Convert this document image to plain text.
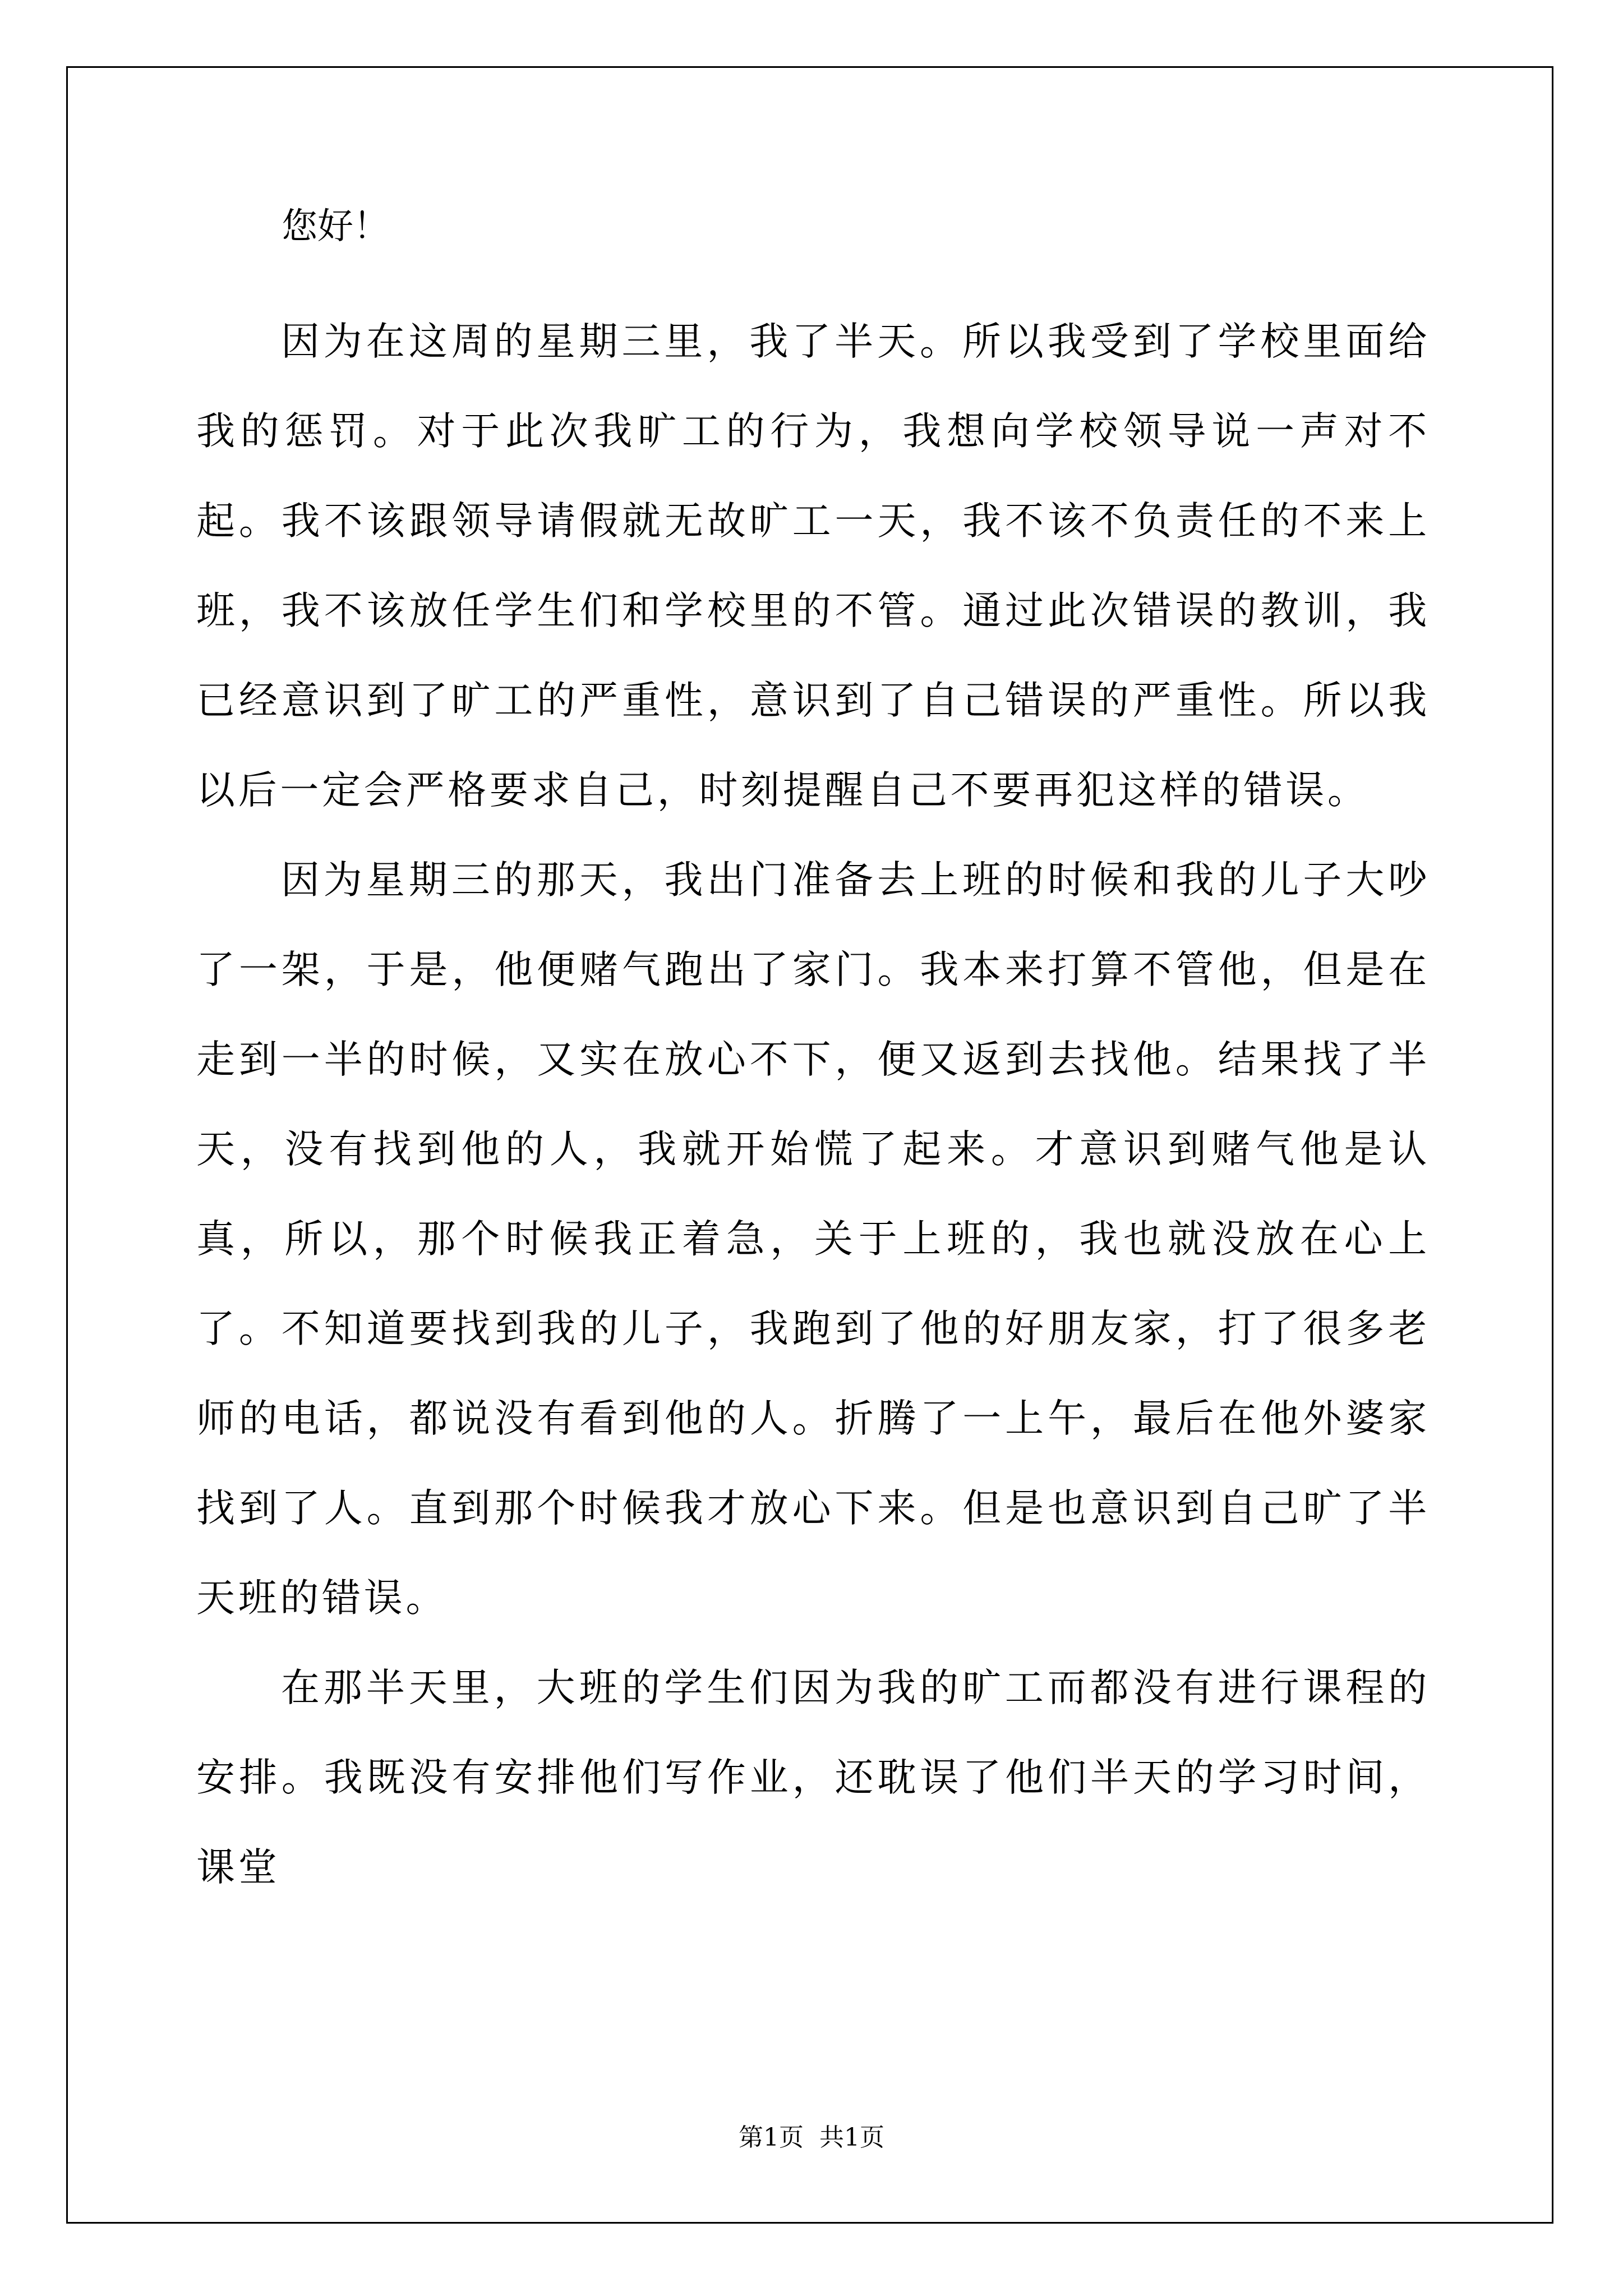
您好！

因为在这周的星期三里，我了半天。所以我受到了学校里面给我的惩罚。对于此次我旷工的行为，我想向学校领导说一声对不起。我不该跟领导请假就无故旷工一天，我不该不负责任的不来上班，我不该放任学生们和学校里的不管。通过此次错误的教训，我已经意识到了旷工的严重性，意识到了自己错误的严重性。所以我以后一定会严格要求自己，时刻提醒自己不要再犯这样的错误。

因为星期三的那天，我出门准备去上班的时候和我的儿子大吵了一架，于是，他便赌气跑出了家门。我本来打算不管他，但是在走到一半的时候，又实在放心不下，便又返到去找他。结果找了半天，没有找到他的人，我就开始慌了起来。才意识到赌气他是认真，所以，那个时候我正着急，关于上班的，我也就没放在心上了。不知道要找到我的儿子，我跑到了他的好朋友家，打了很多老师的电话，都说没有看到他的人。折腾了一上午，最后在他外婆家找到了人。直到那个时候我才放心下来。但是也意识到自己旷了半天班的错误。

在那半天里，大班的学生们因为我的旷工而都没有进行课程的安排。我既没有安排他们写作业，还耽误了他们半天的学习时间，课堂

第1页  共1页
